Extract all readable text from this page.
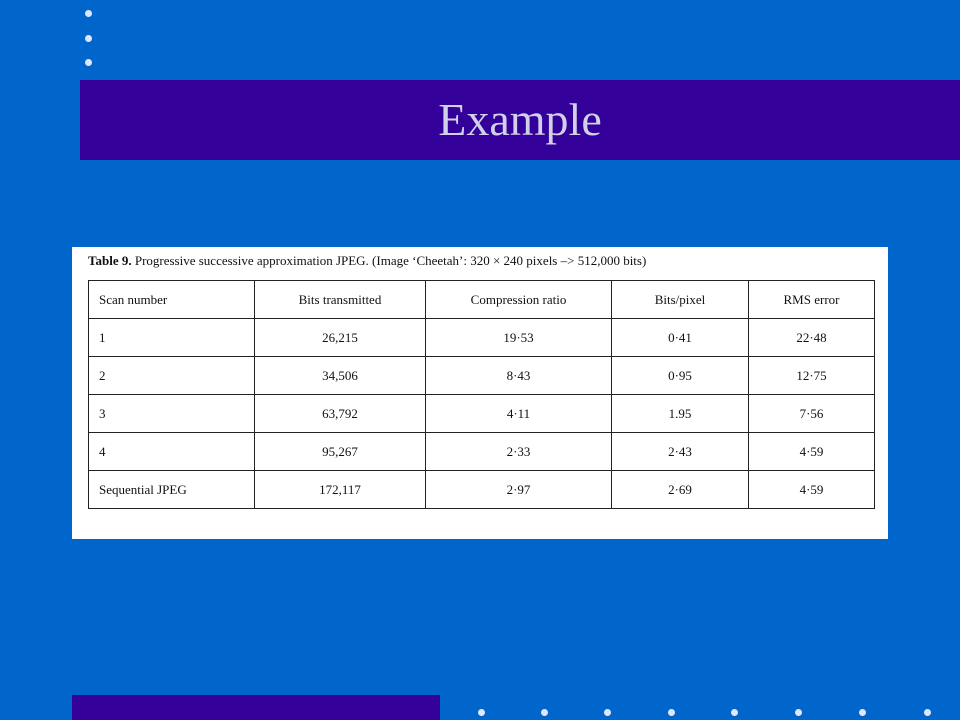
Example
Table 9. Progressive successive approximation JPEG. (Image ‘Cheetah’: 320 × 240 pixels –> 512,000 bits)
Scan number	Bits transmitted	Compression ratio	Bits/pixel	RMS error
1	26,215	19·53	0·41	22·48
2	34,506	8·43	0·95	12·75
3	63,792	4·11	1.95	7·56
4	95,267	2·33	2·43	4·59
Sequential JPEG	172,117	2·97	2·69	4·59
